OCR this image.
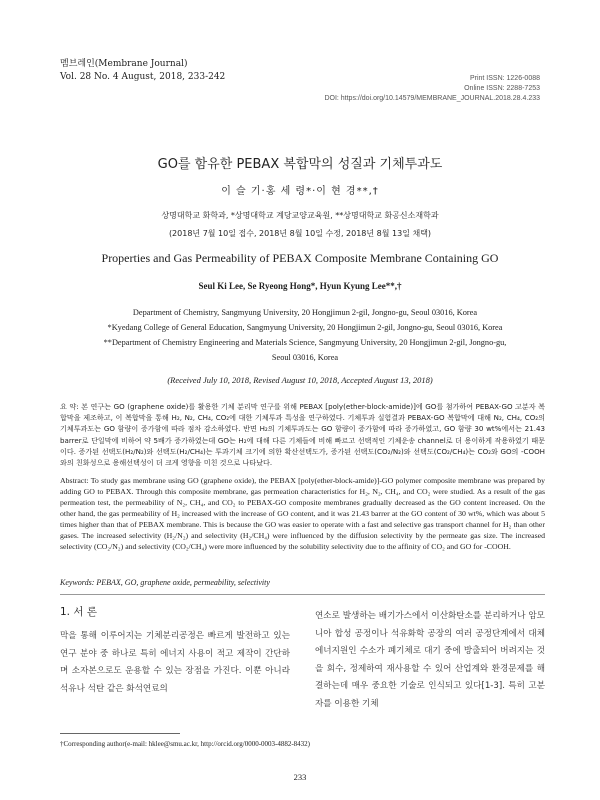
멤브레인(Membrane Journal)
Vol. 28 No. 4 August, 2018, 233-242	Print ISSN: 1226-0088
Online ISSN: 2288-7253
DOI: https://doi.org/10.14579/MEMBRANE_JOURNAL.2018.28.4.233
GO를 함유한 PEBAX 복합막의 성질과 기체투과도
이 슬 기·홍 세 령*·이 현 경**,†
상명대학교 화학과, *상명대학교 계당교양교육원, **상명대학교 화공신소재학과
(2018년 7월 10일 접수, 2018년 8월 10일 수정, 2018년 8월 13일 채택)
Properties and Gas Permeability of PEBAX Composite Membrane Containing GO
Seul Ki Lee, Se Ryeong Hong*, Hyun Kyung Lee**,†
Department of Chemistry, Sangmyung University, 20 Hongjimun 2-gil, Jongno-gu, Seoul 03016, Korea
*Kyedang College of General Education, Sangmyung University, 20 Hongjimun 2-gil, Jongno-gu, Seoul 03016, Korea
**Department of Chemistry Engineering and Materials Science, Sangmyung University, 20 Hongjimun 2-gil, Jongno-gu,
Seoul 03016, Korea
(Received July 10, 2018, Revised August 10, 2018, Accepted August 13, 2018)
요 약: 본 연구는 GO (graphene oxide)를 활용한 기체 분리막 연구를 위해 PEBAX [poly(ether-block-amide)]에 GO를 첨가하여 PEBAX-GO 고분자 복합막을 제조하고, 이 복합막을 통해 H₂, N₂, CH₄, CO₂에 대한 기체투과 특성을 연구하였다. 기체투과 실험결과 PEBAX-GO 복합막에 대해 N₂, CH₄, CO₂의 기체투과도는 GO 함량이 증가함에 따라 점차 감소하였다. 반면 H₂의 기체투과도는 GO 함량이 증가함에 따라 증가하였고, GO 함량 30 wt%에서는 21.43 barrer로 단일막에 비하여 약 5배가 증가하였는데 GO는 H₂에 대해 다른 기체들에 비해 빠르고 선택적인 기체운송 channel로 더 용이하게 작용하였기 때문이다. 증가된 선택도(H₂/N₂)와 선택도(H₂/CH₄)는 투과기체 크기에 의한 확산선택도가, 증가된 선택도(CO₂/N₂)와 선택도(CO₂/CH₄)는 CO₂와 GO의 -COOH와의 친화성으로 용해선택성이 더 크게 영향을 미친 것으로 나타났다.
Abstract: To study gas membrane using GO (graphene oxide), the PEBAX [poly(ether-block-amide)]-GO polymer composite membrane was prepared by adding GO to PEBAX. Through this composite membrane, gas permeation characteristics for H₂, N₂, CH₄, and CO₂ were studied. As a result of the gas permeation test, the permeability of N₂, CH₄, and CO₂ to PEBAX-GO composite membranes gradually decreased as the GO content increased. On the other hand, the gas permeability of H₂ increased with the increase of GO content, and it was 21.43 barrer at the GO content of 30 wt%, which was about 5 times higher than that of PEBAX membrane. This is because the GO was easier to operate with a fast and selective gas transport channel for H₂ than other gases. The increased selectivity (H₂/N₂) and selectivity (H₂/CH₄) were influenced by the diffusion selectivity by the permeate gas size. The increased selectivity (CO₂/N₂) and selectivity (CO₂/CH₄) were more influenced by the solubility selectivity due to the affinity of CO₂ and GO for -COOH.
Keywords: PEBAX, GO, graphene oxide, permeability, selectivity
1. 서 론
막을 통해 이루어지는 기체분리공정은 빠르게 발전하고 있는 연구 분야 중 하나로 특히 에너지 사용이 적고 제작이 간단하며 소자본으로도 운용할 수 있는 장점을 가진다. 이뿐 아니라 석유나 석탄 같은 화석연료의
연소로 발생하는 배기가스에서 이산화탄소를 분리하거나 암모니아 합성 공정이나 석유화학 공장의 여러 공정단계에서 대체에너지원인 수소가 폐기체로 대기 중에 방출되어 버려지는 것을 회수, 정제하여 재사용할 수 있어 산업계와 환경문제를 해결하는데 매우 중요한 기술로 인식되고 있다[1-3]. 특히 고분자를 이용한 기체
†Corresponding author(e-mail: hklee@smu.ac.kr, http://orcid.org/0000-0003-4882-8432)
233
